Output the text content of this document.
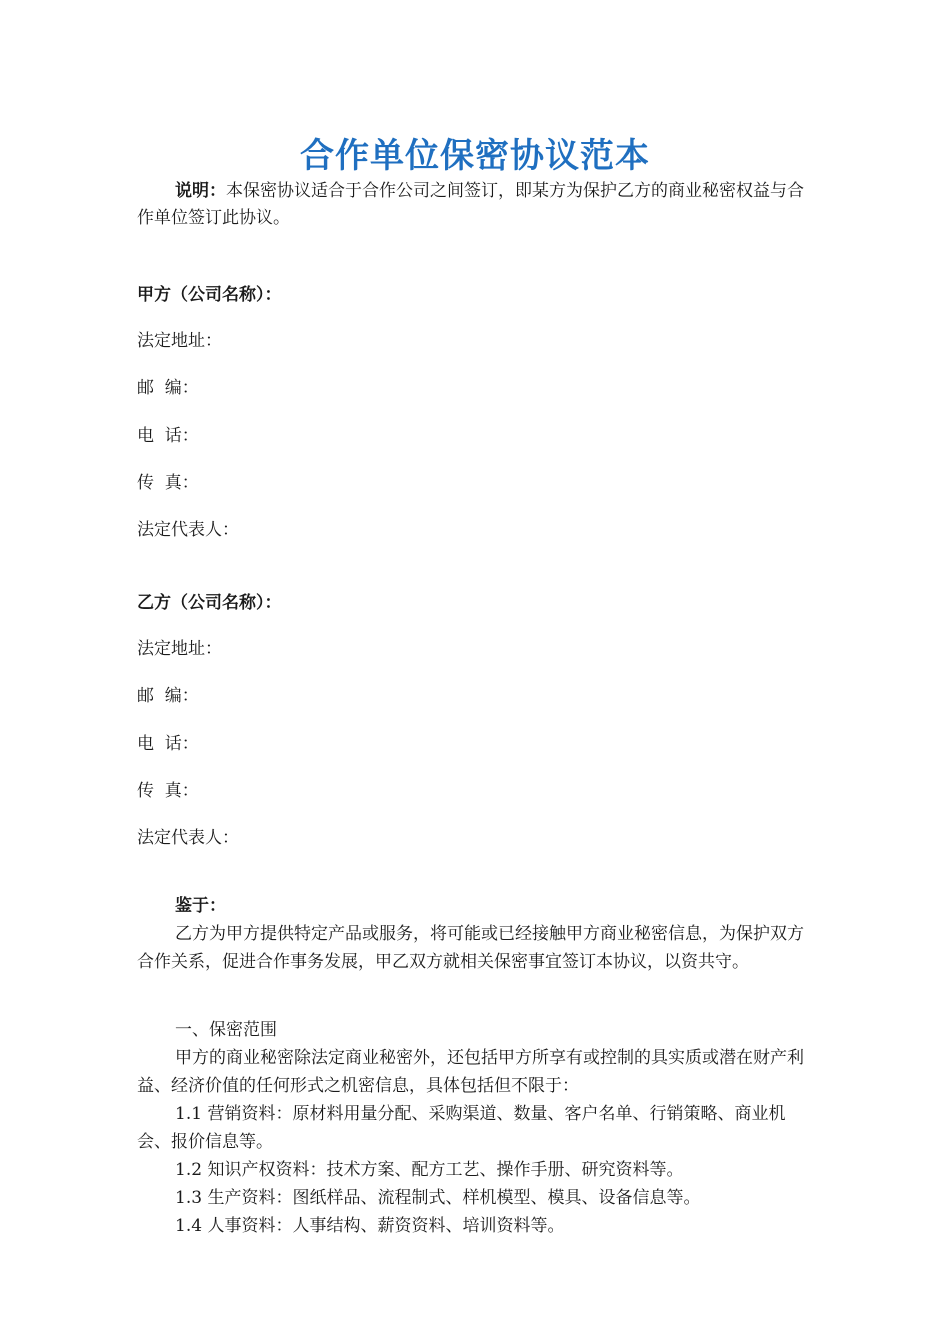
合作单位保密协议范本
说明：本保密协议适合于合作公司之间签订，即某方为保护乙方的商业秘密权益与合作单位签订此协议。
甲方（公司名称）：
法定地址：
邮  编：
电  话：
传  真：
法定代表人：
乙方（公司名称）：
法定地址：
邮  编：
电  话：
传  真：
法定代表人：

鉴于：

乙方为甲方提供特定产品或服务，将可能或已经接触甲方商业秘密信息，为保护双方合作关系，促进合作事务发展，甲乙双方就相关保密事宜签订本协议，以资共守。

一、保密范围

甲方的商业秘密除法定商业秘密外，还包括甲方所享有或控制的具实质或潜在财产利益、经济价值的任何形式之机密信息，具体包括但不限于：

1.1 营销资料：原材料用量分配、采购渠道、数量、客户名单、行销策略、商业机会、报价信息等。

1.2 知识产权资料：技术方案、配方工艺、操作手册、研究资料等。

1.3 生产资料：图纸样品、流程制式、样机模型、模具、设备信息等。

1.4 人事资料：人事结构、薪资资料、培训资料等。
